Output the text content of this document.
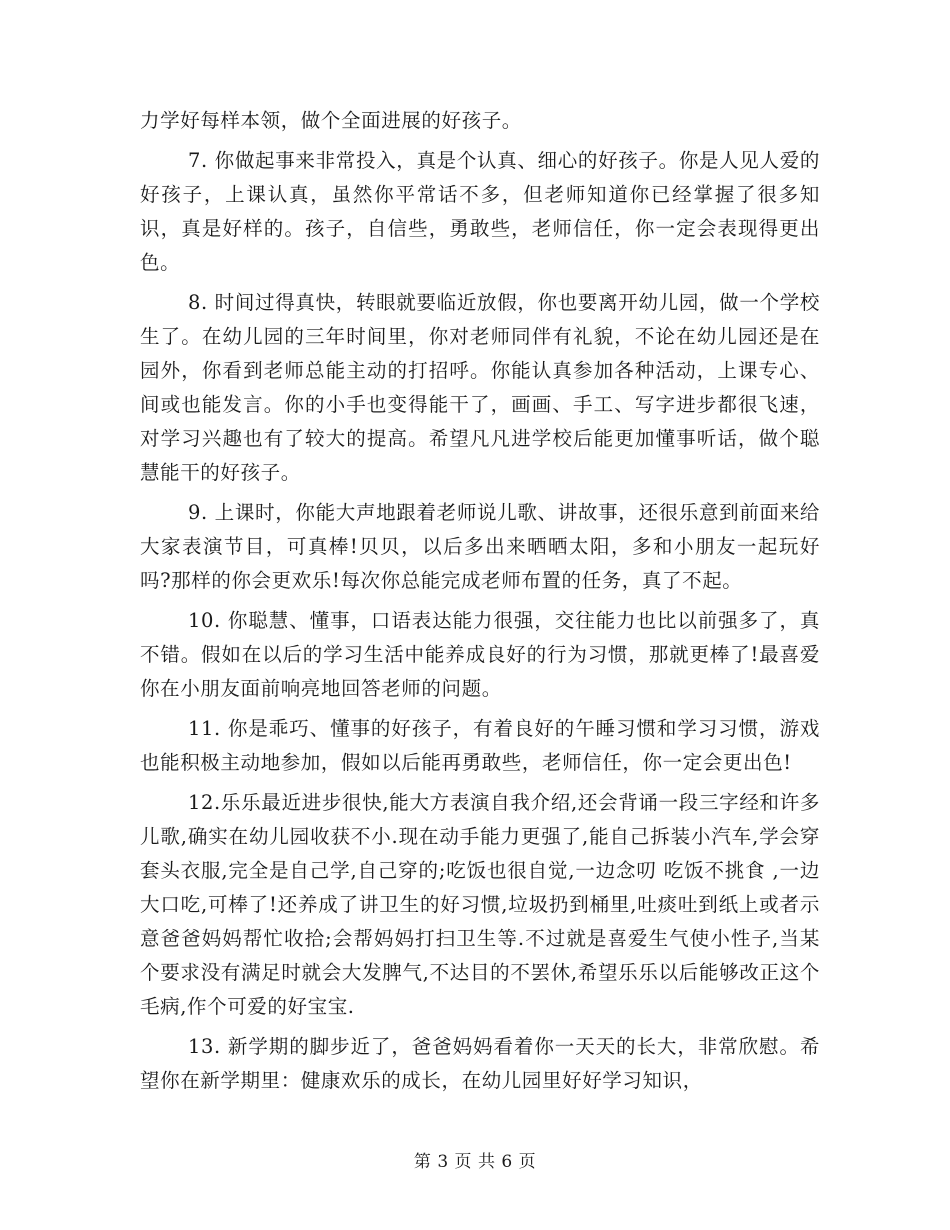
力学好每样本领，做个全面进展的好孩子。

7. 你做起事来非常投入，真是个认真、细心的好孩子。你是人见人爱的好孩子，上课认真，虽然你平常话不多，但老师知道你已经掌握了很多知识，真是好样的。孩子，自信些，勇敢些，老师信任，你一定会表现得更出色。

8. 时间过得真快，转眼就要临近放假，你也要离开幼儿园，做一个学校生了。在幼儿园的三年时间里，你对老师同伴有礼貌，不论在幼儿园还是在园外，你看到老师总能主动的打招呼。你能认真参加各种活动，上课专心、间或也能发言。你的小手也变得能干了，画画、手工、写字进步都很飞速，对学习兴趣也有了较大的提高。希望凡凡进学校后能更加懂事听话，做个聪慧能干的好孩子。

9. 上课时，你能大声地跟着老师说儿歌、讲故事，还很乐意到前面来给大家表演节目，可真棒!贝贝，以后多出来晒晒太阳，多和小朋友一起玩好吗?那样的你会更欢乐!每次你总能完成老师布置的任务，真了不起。

10. 你聪慧、懂事，口语表达能力很强，交往能力也比以前强多了，真不错。假如在以后的学习生活中能养成良好的行为习惯，那就更棒了!最喜爱你在小朋友面前响亮地回答老师的问题。

11. 你是乖巧、懂事的好孩子，有着良好的午睡习惯和学习习惯，游戏也能积极主动地参加，假如以后能再勇敢些，老师信任，你一定会更出色!

12.乐乐最近进步很快,能大方表演自我介绍,还会背诵一段三字经和许多儿歌,确实在幼儿园收获不小.现在动手能力更强了,能自己拆装小汽车,学会穿套头衣服,完全是自己学,自己穿的;吃饭也很自觉,一边念叨 吃饭不挑食 ,一边大口吃,可棒了!还养成了讲卫生的好习惯,垃圾扔到桶里,吐痰吐到纸上或者示意爸爸妈妈帮忙收拾;会帮妈妈打扫卫生等.不过就是喜爱生气使小性子,当某个要求没有满足时就会大发脾气,不达目的不罢休,希望乐乐以后能够改正这个毛病,作个可爱的好宝宝.

13. 新学期的脚步近了，爸爸妈妈看着你一天天的长大，非常欣慰。希望你在新学期里：健康欢乐的成长，在幼儿园里好好学习知识，

第 3 页 共 6 页
